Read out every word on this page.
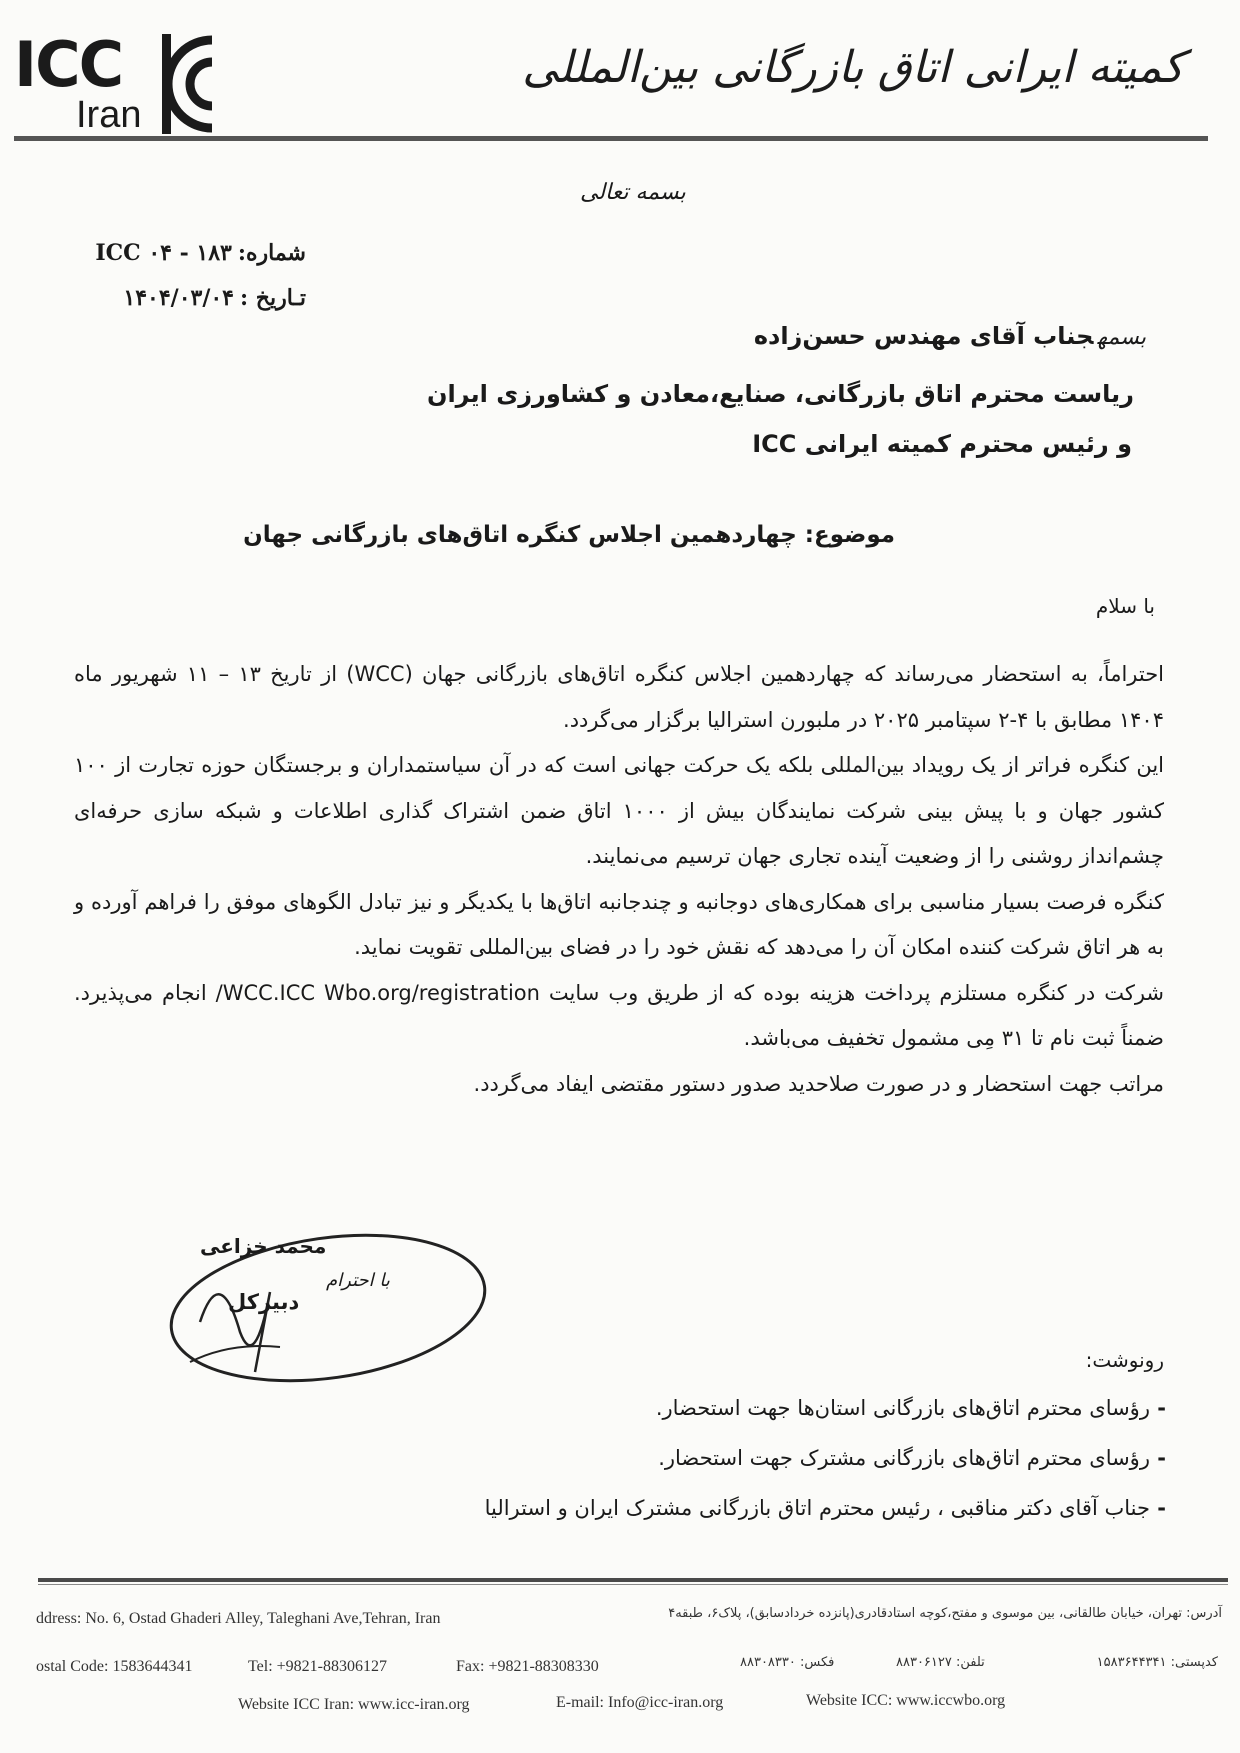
ICC
Iran
کمیته ایرانی اتاق بازرگانی بین‌المللی
بسمه تعالی
شماره:ICC ۰۴ - ۱۸۳
تـاریخ :۱۴۰۴/۰۳/۰۴
بسمهجناب آقای مهندس حسن‌زاده
ریاست محترم اتاق بازرگانی، صنایع،معادن و کشاورزی ایران
و رئیس محترم کمیته ایرانی ICC
موضوع: چهاردهمین اجلاس کنگره اتاق‌های بازرگانی جهان
با سلام

احتراماً، به استحضار می‌رساند که چهاردهمین اجلاس کنگره اتاق‌های بازرگانی جهان (WCC) از تاریخ ۱۳ – ۱۱ شهریور ماه ۱۴۰۴ مطابق با ۴-۲ سپتامبر ۲۰۲۵ در ملبورن استرالیا برگزار می‌گردد.

این کنگره فراتر از یک رویداد بین‌المللی بلکه یک حرکت جهانی است که در آن سیاستمداران و برجستگان حوزه تجارت از ۱۰۰ کشور جهان و با پیش بینی شرکت نمایندگان بیش از ۱۰۰۰ اتاق ضمن اشتراک گذاری اطلاعات و شبکه سازی حرفه‌ای چشم‌انداز روشنی را از وضعیت آینده تجاری جهان ترسیم می‌نمایند.

کنگره فرصت بسیار مناسبی برای همکاری‌های دوجانبه و چندجانبه اتاق‌ها با یکدیگر و نیز تبادل الگوهای موفق را فراهم آورده و به هر اتاق شرکت کننده امکان آن را می‌دهد که نقش خود را در فضای بین‌المللی تقویت نماید.

شرکت در کنگره مستلزم پرداخت هزینه بوده که از طریق وب سایت WCC.ICC Wbo.org/registration/ انجام می‌پذیرد. ضمناً ثبت نام تا ۳۱ مِی مشمول تخفیف می‌باشد.

مراتب جهت استحضار و در صورت صلاحدید صدور دستور مقتضی ایفاد می‌گردد.

محمد خزاعی
با احترام
دبیرکل
رونوشت:
- رؤسای محترم اتاق‌های بازرگانی استان‌ها جهت استحضار.
- رؤسای محترم اتاق‌های بازرگانی مشترک جهت استحضار.
- جناب آقای دکتر مناقبی ، رئیس محترم اتاق بازرگانی مشترک ایران و استرالیا
ddress: No. 6, Ostad Ghaderi Alley, Taleghani Ave,Tehran, Iran	آدرس: تهران، خیابان طالقانی، بین موسوی و مفتح،کوچه استادقادری(پانزده خردادسابق)، پلاک۶، طبقه۴
ostal Code: 1583644341	Tel: +9821-88306127	Fax: +9821-88308330	فکس: ۸۸۳۰۸۳۳۰	تلفن: ۸۸۳۰۶۱۲۷	کدپستی: ۱۵۸۳۶۴۴۳۴۱
Website ICC Iran: www.icc-iran.org	E-mail: Info@icc-iran.org	Website ICC: www.iccwbo.org
